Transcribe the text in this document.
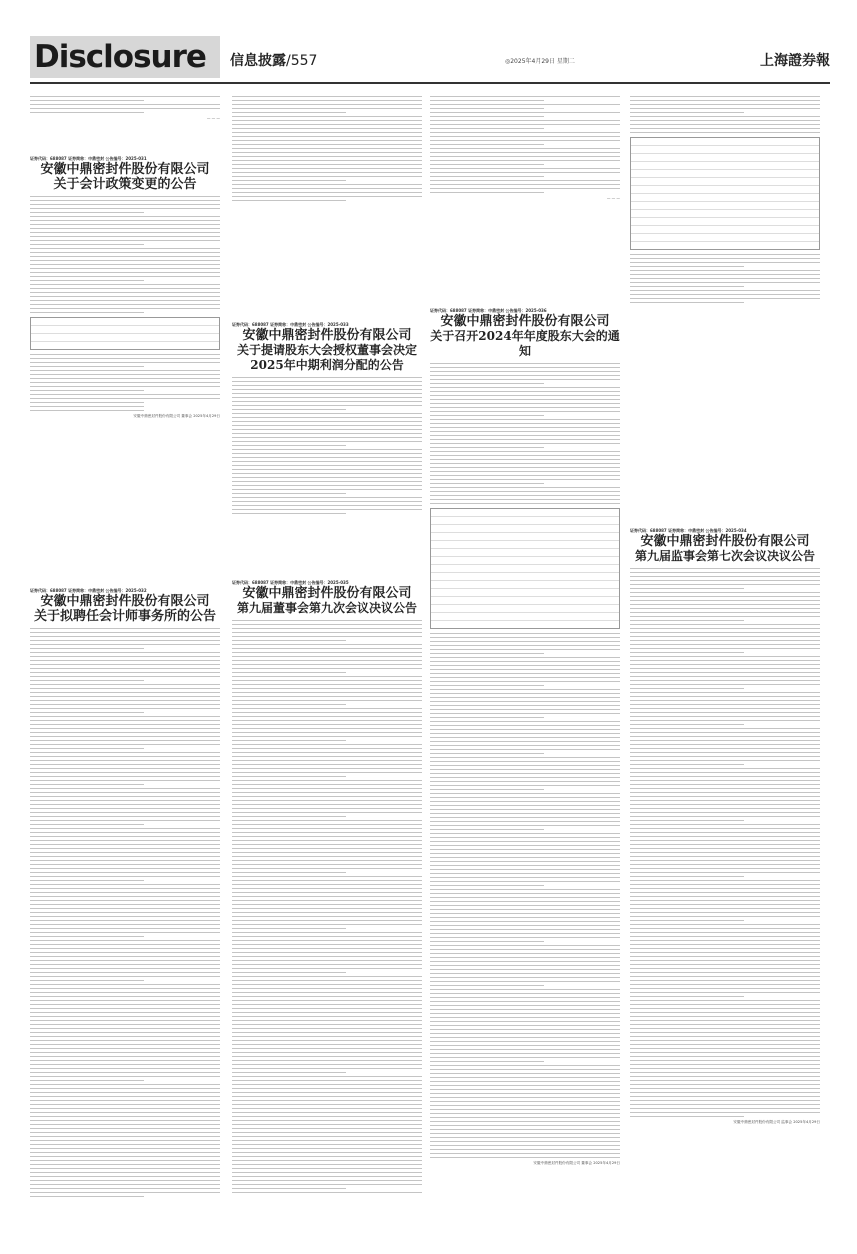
Disclosure	信息披露/557	◎2025年4月29日 星期二	上海證券報
— — —
证券代码：688087 证券简称：中鼎密封 公告编号：2025-031
安徽中鼎密封件股份有限公司
关于会计政策变更的公告
安徽中鼎密封件股份有限公司 董事会 2025年4月29日
证券代码：688087 证券简称：中鼎密封 公告编号：2025-032
安徽中鼎密封件股份有限公司
关于拟聘任会计师事务所的公告
证券代码：688087 证券简称：中鼎密封 公告编号：2025-033
安徽中鼎密封件股份有限公司
关于提请股东大会授权董事会决定
2025年中期利润分配的公告
证券代码：688087 证券简称：中鼎密封 公告编号：2025-035
安徽中鼎密封件股份有限公司
第九届董事会第九次会议决议公告
— — —
证券代码：688087 证券简称：中鼎密封 公告编号：2025-036
安徽中鼎密封件股份有限公司
关于召开2024年年度股东大会的通知
安徽中鼎密封件股份有限公司 董事会 2025年4月29日
证券代码：688087 证券简称：中鼎密封 公告编号：2025-034
安徽中鼎密封件股份有限公司
第九届监事会第七次会议决议公告
安徽中鼎密封件股份有限公司 监事会 2025年4月29日
